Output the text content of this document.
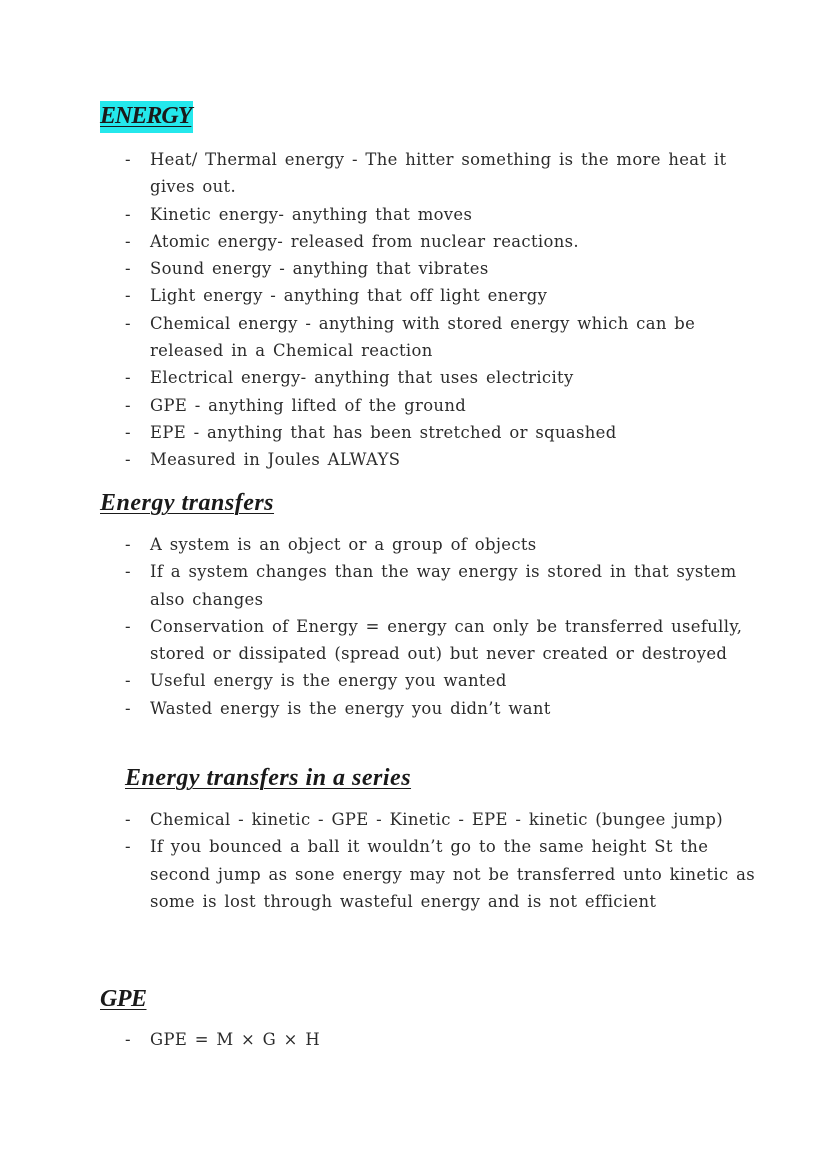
ENERGY
-	Heat/ Thermal energy - The hitter something is the more heat it gives out.
-	Kinetic energy- anything that moves
-	Atomic energy- released from nuclear reactions.
-	Sound energy - anything that vibrates
-	Light energy - anything that off light energy
-	Chemical energy - anything with stored energy which can be released in a Chemical reaction
-	Electrical energy- anything that uses electricity
-	GPE - anything lifted of the ground
-	EPE - anything that has been stretched or squashed
-	Measured in Joules ALWAYS
Energy transfers
-	A system is an object or a group of objects
-	If a system changes than the way energy is stored in that system also changes
-	Conservation of Energy = energy can only be transferred usefully, stored or dissipated (spread out) but never created or destroyed
-	Useful energy is the energy you wanted
-	Wasted energy is the energy you didn’t want
Energy transfers in a series
-	Chemical - kinetic - GPE - Kinetic - EPE - kinetic (bungee jump)
-	If you bounced a ball it wouldn’t go to the same height St the second jump as sone energy may not be transferred unto kinetic as some is lost through wasteful energy and is not efficient
GPE
-	GPE = M × G × H
